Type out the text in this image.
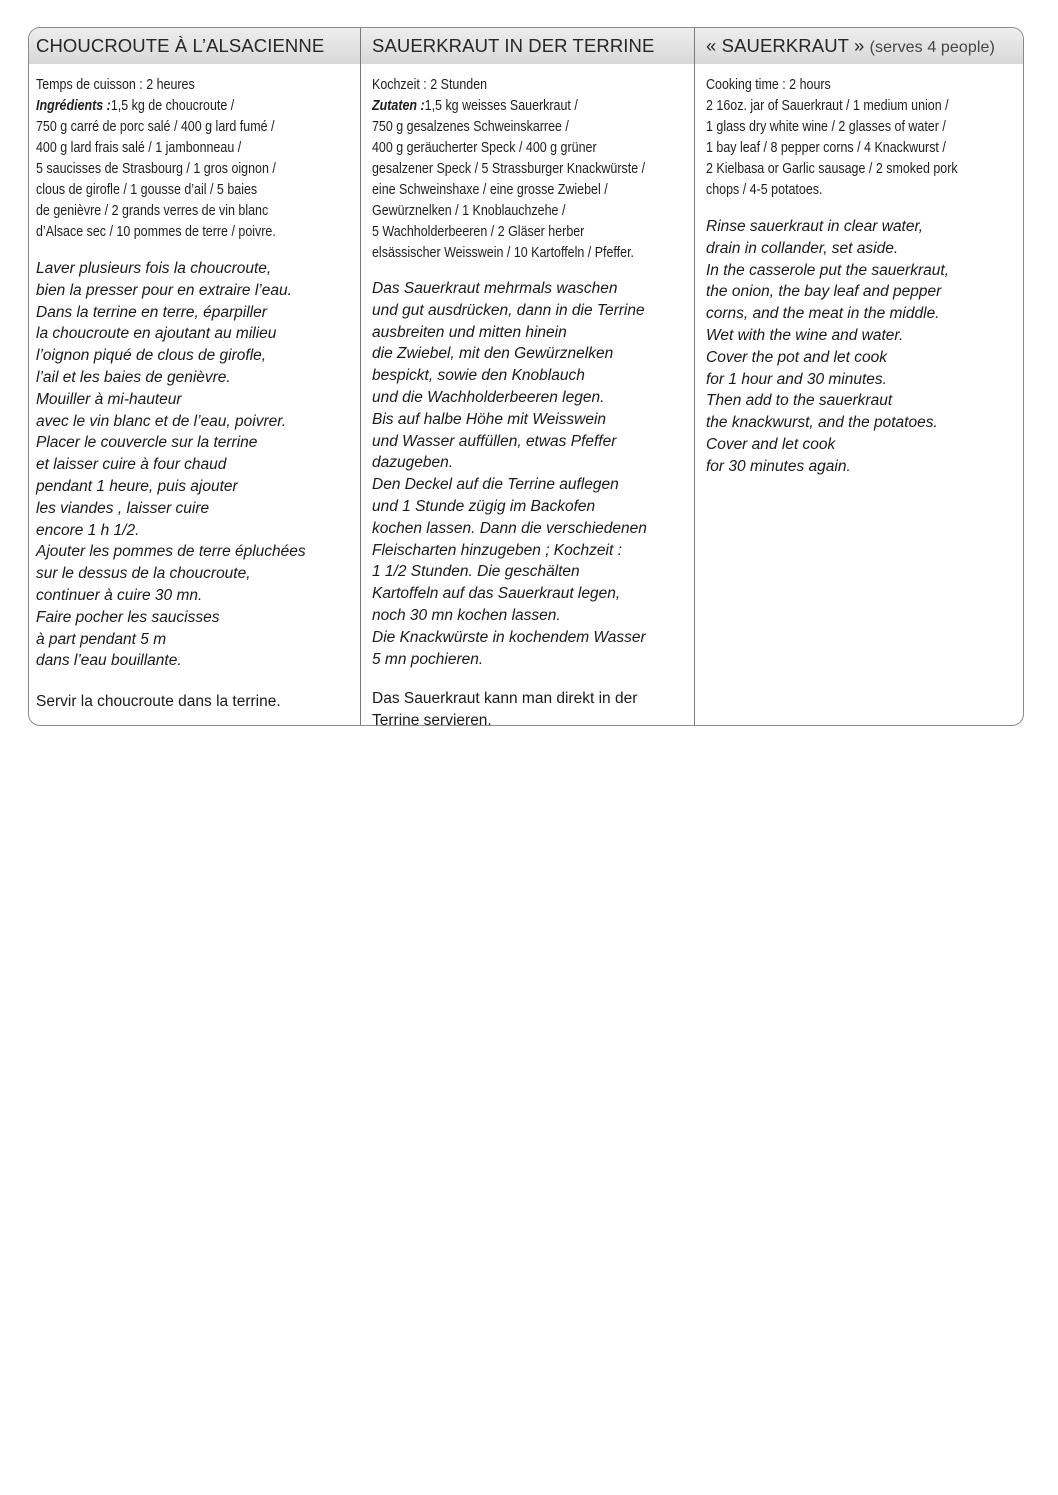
CHOUCROUTE À L’ALSACIENNE
Temps de cuisson : 2 heures
Ingrédients :1,5 kg de choucroute /
750 g carré de porc salé / 400 g lard fumé /
400 g lard frais salé / 1 jambonneau /
5 saucisses de Strasbourg / 1 gros oignon /
clous de girofle / 1 gousse d’ail / 5 baies
de genièvre / 2 grands verres de vin blanc
d’Alsace sec / 10 pommes de terre / poivre.
Laver plusieurs fois la choucroute,
bien la presser pour en extraire l’eau.
Dans la terrine en terre, éparpiller
la choucroute en ajoutant au milieu
l’oignon piqué de clous de girofle,
l’ail et les baies de genièvre.
Mouiller à mi-hauteur
avec le vin blanc et de l’eau, poivrer.
Placer le couvercle sur la terrine
et laisser cuire à four chaud
pendant 1 heure, puis ajouter
les viandes , laisser cuire
encore 1 h 1/2.
Ajouter les pommes de terre épluchées
sur le dessus de la choucroute,
continuer à cuire 30 mn.
Faire pocher les saucisses
à part pendant 5 m
dans l’eau bouillante.
Servir la choucroute dans la terrine.
SAUERKRAUT IN DER TERRINE
Kochzeit : 2 Stunden
Zutaten :1,5 kg weisses Sauerkraut /
750 g gesalzenes Schweinskarree /
400 g geräucherter Speck / 400 g grüner
gesalzener Speck / 5 Strassburger Knackwürste /
eine Schweinshaxe / eine grosse Zwiebel /
Gewürznelken / 1 Knoblauchzehe /
5 Wachholderbeeren / 2 Gläser herber
elsässischer Weisswein / 10 Kartoffeln / Pfeffer.
Das Sauerkraut mehrmals waschen
und gut ausdrücken, dann in die Terrine
ausbreiten und mitten hinein
die Zwiebel, mit den Gewürznelken
bespickt, sowie den Knoblauch
und die Wachholderbeeren legen.
Bis auf halbe Höhe mit Weisswein
und Wasser auffüllen, etwas Pfeffer
dazugeben.
Den Deckel auf die Terrine auflegen
und 1 Stunde zügig im Backofen
kochen lassen. Dann die verschiedenen
Fleischarten hinzugeben ; Kochzeit :
1 1/2 Stunden. Die geschälten
Kartoffeln auf das Sauerkraut legen,
noch 30 mn kochen lassen.
Die Knackwürste in kochendem Wasser
5 mn pochieren.
Das Sauerkraut kann man direkt in der
Terrine servieren.
« SAUERKRAUT » (serves 4 people)
Cooking time : 2 hours
2 16oz. jar of Sauerkraut / 1 medium union /
1 glass dry white wine / 2 glasses of water /
1 bay leaf / 8 pepper corns / 4 Knackwurst /
2 Kielbasa or Garlic sausage / 2 smoked pork
chops / 4-5 potatoes.
Rinse sauerkraut in clear water,
drain in collander, set aside.
In the casserole put the sauerkraut,
the onion, the bay leaf and pepper
corns, and the meat in the middle.
Wet with the wine and water.
Cover the pot and let cook
for 1 hour and 30 minutes.
Then add to the sauerkraut
the knackwurst, and the potatoes.
Cover and let cook
for 30 minutes again.
